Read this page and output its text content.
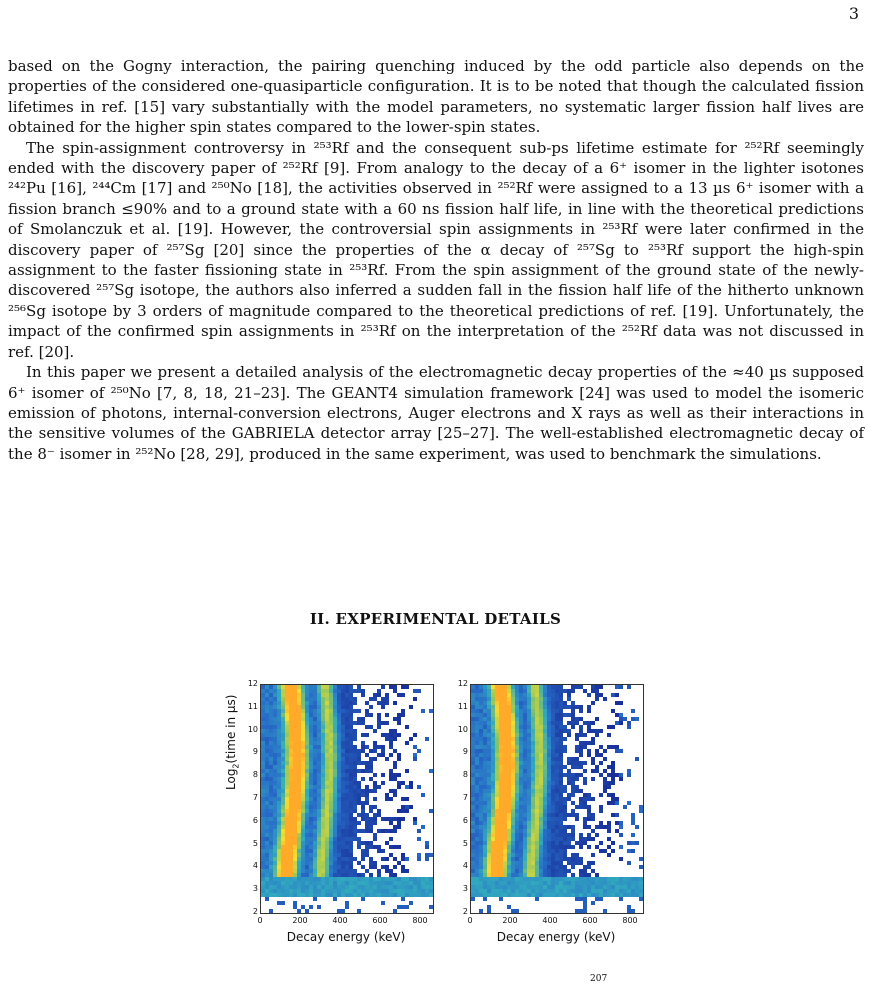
3

based on the Gogny interaction, the pairing quenching induced by the odd particle also depends on the properties of the considered one-quasiparticle configuration. It is to be noted that though the calculated fission lifetimes in ref. [15] vary substantially with the model parameters, no systematic larger fission half lives are obtained for the higher spin states compared to the lower-spin states.

The spin-assignment controversy in ²⁵³Rf and the consequent sub-ps lifetime estimate for ²⁵²Rf seemingly ended with the discovery paper of ²⁵²Rf [9]. From analogy to the decay of a 6⁺ isomer in the lighter isotones ²⁴²Pu [16], ²⁴⁴Cm [17] and ²⁵⁰No [18], the activities observed in ²⁵²Rf were assigned to a 13 µs 6⁺ isomer with a fission branch ≤90% and to a ground state with a 60 ns fission half life, in line with the theoretical predictions of Smolanczuk et al. [19]. However, the controversial spin assignments in ²⁵³Rf were later confirmed in the discovery paper of ²⁵⁷Sg [20] since the properties of the α decay of ²⁵⁷Sg to ²⁵³Rf support the high-spin assignment to the faster fissioning state in ²⁵³Rf. From the spin assignment of the ground state of the newly-discovered ²⁵⁷Sg isotope, the authors also inferred a sudden fall in the fission half life of the hitherto unknown ²⁵⁶Sg isotope by 3 orders of magnitude compared to the theoretical predictions of ref. [19]. Unfortunately, the impact of the confirmed spin assignments in ²⁵³Rf on the interpretation of the ²⁵²Rf data was not discussed in ref. [20].

In this paper we present a detailed analysis of the electromagnetic decay properties of the ≈40 µs supposed 6⁺ isomer of ²⁵⁰No [7, 8, 18, 21–23]. The GEANT4 simulation framework [24] was used to model the isomeric emission of photons, internal-conversion electrons, Auger electrons and X rays as well as their interactions in the sensitive volumes of the GABRIELA detector array [25–27]. The well-established electromagnetic decay of the 8⁻ isomer in ²⁵²No [28, 29], produced in the same experiment, was used to benchmark the simulations.

II. EXPERIMENTAL DETAILS
Log$_2$(time in µs)
Decay energy (keV)	Decay energy (keV)
12
11
10
9
8
7
6
5
4
3
2
0	200	400	600	800
12
11
10
9
8
7
6
5
4
3
2
0	200	400	600	800
207
